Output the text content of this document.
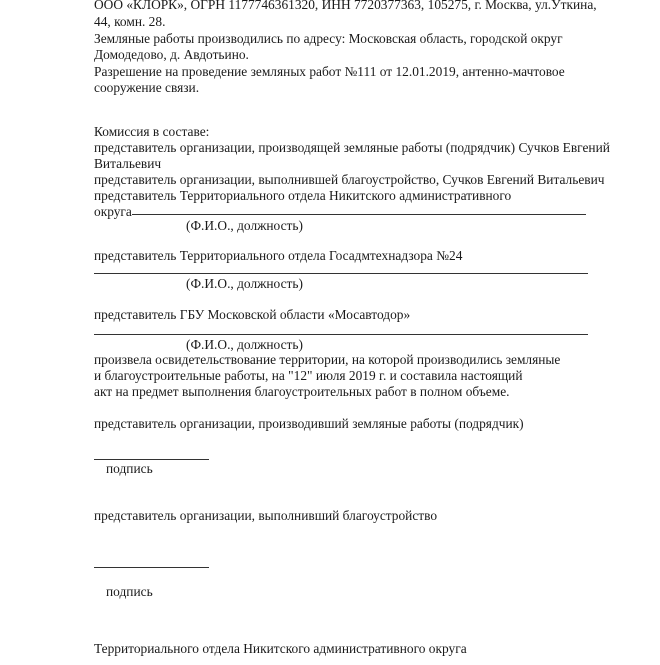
ООО «КЛОРК», ОГРН 1177746361320, ИНН 7720377363, 105275, г. Москва, ул.Уткина,
44, комн. 28.
Земляные работы производились по адресу: Московская область, городской округ
Домодедово, д. Авдотьино.
Разрешение на проведение земляных работ №111 от 12.01.2019, антенно-мачтовое
сооружение связи.
Комиссия в составе:
представитель организации, производящей земляные работы (подрядчик) Сучков Евгений
Витальевич
представитель организации, выполнившей благоустройство, Сучков Евгений Витальевич
представитель Территориального отдела Никитского административного
округа
(Ф.И.О., должность)
представитель Территориального отдела Госадмтехнадзора №24
(Ф.И.О., должность)
представитель ГБУ Московской области «Мосавтодор»
(Ф.И.О., должность)
произвела освидетельствование территории, на которой производились земляные
и благоустроительные работы, на "12" июля 2019 г. и составила настоящий
акт на предмет выполнения благоустроительных работ в полном объеме.
представитель организации, производивший земляные работы (подрядчик)
подпись
представитель организации, выполнивший благоустройство
подпись
Территориального отдела Никитского административного округа
